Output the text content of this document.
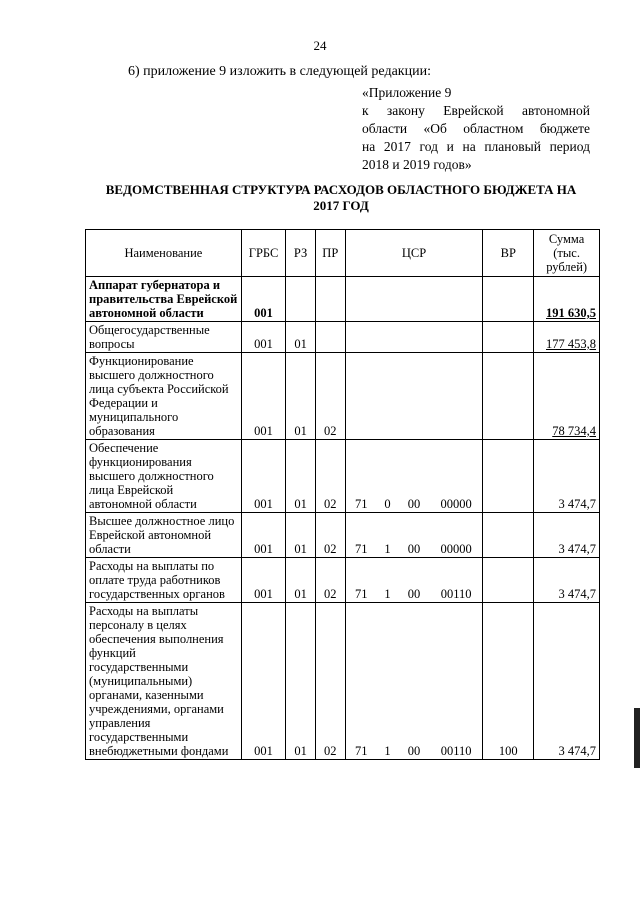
24
6) приложение 9 изложить в следующей редакции:
«Приложение 9
к закону Еврейской автономной
области «Об областном бюджете
на 2017 год и на плановый период
2018 и 2019 годов»
ВЕДОМСТВЕННАЯ СТРУКТУРА РАСХОДОВ ОБЛАСТНОГО БЮДЖЕТА НА
2017 ГОД
Наименование	ГРБС	РЗ	ПР	ЦСР				ВР	Сумма (тыс. рублей)
Аппарат губернатора и правительства Еврейской автономной области	001								191 630,5
Общегосударственные вопросы	001	01							177 453,8
Функционирование высшего должностного лица субъекта Российской Федерации и муниципального образования	001	01	02						78 734,4
Обеспечение функционирования высшего должностного лица Еврейской автономной области	001	01	02	71	0	00	00000		3 474,7
Высшее должностное лицо Еврейской автономной области	001	01	02	71	1	00	00000		3 474,7
Расходы на выплаты по оплате труда работников государственных органов	001	01	02	71	1	00	00110		3 474,7
Расходы на выплаты персоналу в целях обеспечения выполнения функций государственными (муниципальными) органами, казенными учреждениями, органами управления государственными внебюджетными фондами	001	01	02	71	1	00	00110	100	3 474,7
